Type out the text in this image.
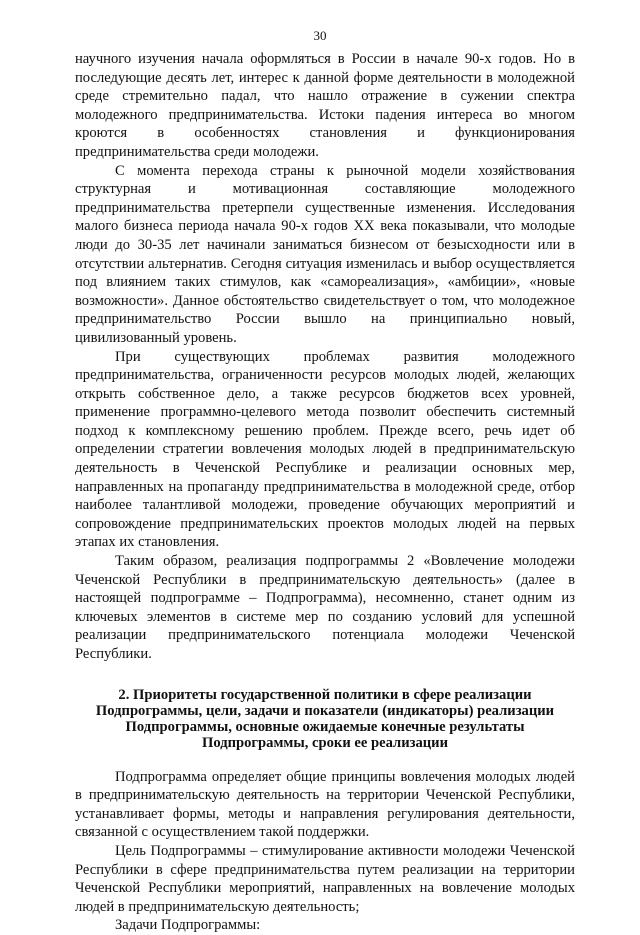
30

научного изучения начала оформляться в России в начале 90-х годов. Но в последующие десять лет, интерес к данной форме деятельности в молодежной среде стремительно падал, что нашло отражение в сужении спектра молодежного предпринимательства. Истоки падения интереса во многом кроются в особенностях становления и функционирования предпринимательства среди молодежи.

С момента перехода страны к рыночной модели хозяйствования структурная и мотивационная составляющие молодежного предпринимательства претерпели существенные изменения. Исследования малого бизнеса периода начала 90-х годов XX века показывали, что молодые люди до 30-35 лет начинали заниматься бизнесом от безысходности или в отсутствии альтернатив. Сегодня ситуация изменилась и выбор осуществляется под влиянием таких стимулов, как «самореализация», «амбиции», «новые возможности». Данное обстоятельство свидетельствует о том, что молодежное предпринимательство России вышло на принципиально новый, цивилизованный уровень.

При существующих проблемах развития молодежного предпринимательства, ограниченности ресурсов молодых людей, желающих открыть собственное дело, а также ресурсов бюджетов всех уровней, применение программно-целевого метода позволит обеспечить системный подход к комплексному решению проблем. Прежде всего, речь идет об определении стратегии вовлечения молодых людей в предпринимательскую деятельность в Чеченской Республике и реализации основных мер, направленных на пропаганду предпринимательства в молодежной среде, отбор наиболее талантливой молодежи, проведение обучающих мероприятий и сопровождение предпринимательских проектов молодых людей на первых этапах их становления.

Таким образом, реализация подпрограммы 2 «Вовлечение молодежи Чеченской Республики в предпринимательскую деятельность» (далее в настоящей подпрограмме – Подпрограмма), несомненно, станет одним из ключевых элементов в системе мер по созданию условий для успешной реализации предпринимательского потенциала молодежи Чеченской Республики.

2. Приоритеты государственной политики в сфере реализации
Подпрограммы, цели, задачи и показатели (индикаторы) реализации
Подпрограммы, основные ожидаемые конечные результаты
Подпрограммы, сроки ее реализации

Подпрограмма определяет общие принципы вовлечения молодых людей в предпринимательскую деятельность на территории Чеченской Республики, устанавливает формы, методы и направления регулирования деятельности, связанной с осуществлением такой поддержки.

Цель Подпрограммы – стимулирование активности молодежи Чеченской Республики в сфере предпринимательства путем реализации на территории Чеченской Республики мероприятий, направленных на вовлечение молодых людей в предпринимательскую деятельность;

Задачи Подпрограммы:
